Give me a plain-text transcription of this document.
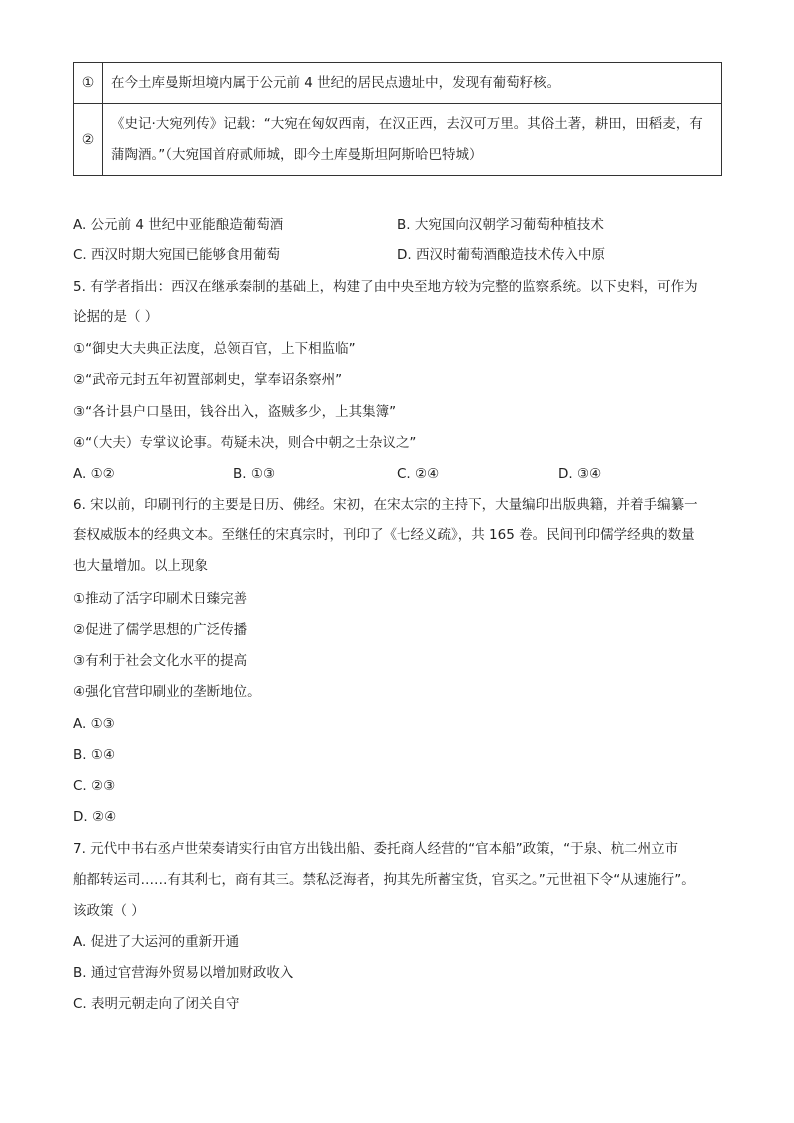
①	在今土库曼斯坦境内属于公元前 4 世纪的居民点遗址中，发现有葡萄籽核。
②	《史记·大宛列传》记载：“大宛在匈奴西南，在汉正西，去汉可万里。其俗土著，耕田，田稻麦，有蒲陶酒。”（大宛国首府贰师城，即今土库曼斯坦阿斯哈巴特城）
A. 公元前 4 世纪中亚能酿造葡萄酒	B. 大宛国向汉朝学习葡萄种植技术
C. 西汉时期大宛国已能够食用葡萄	D. 西汉时葡萄酒酿造技术传入中原
5. 有学者指出：西汉在继承秦制的基础上，构建了由中央至地方较为完整的监察系统。以下史料，可作为
论据的是（ ）
①“御史大夫典正法度，总领百官，上下相监临”
②“武帝元封五年初置部刺史，掌奉诏条察州”
③“各计县户口垦田，钱谷出入，盗贼多少，上其集簿”
④“（大夫）专掌议论事。苟疑未决，则合中朝之士杂议之”
A. ①②	B. ①③	C. ②④	D. ③④
6. 宋以前，印刷刊行的主要是日历、佛经。宋初，在宋太宗的主持下，大量编印出版典籍，并着手编纂一
套权威版本的经典文本。至继任的宋真宗时，刊印了《七经义疏》，共 165 卷。民间刊印儒学经典的数量
也大量增加。以上现象
①推动了活字印刷术日臻完善
②促进了儒学思想的广泛传播
③有利于社会文化水平的提高
④强化官营印刷业的垄断地位。
A. ①③
B. ①④
C. ②③
D. ②④
7. 元代中书右丞卢世荣奏请实行由官方出钱出船、委托商人经营的“官本船”政策，“于泉、杭二州立市
舶都转运司……有其利七，商有其三。禁私泛海者，拘其先所蓄宝货，官买之。”元世祖下令“从速施行”。
该政策（ ）
A. 促进了大运河的重新开通
B. 通过官营海外贸易以增加财政收入
C. 表明元朝走向了闭关自守
